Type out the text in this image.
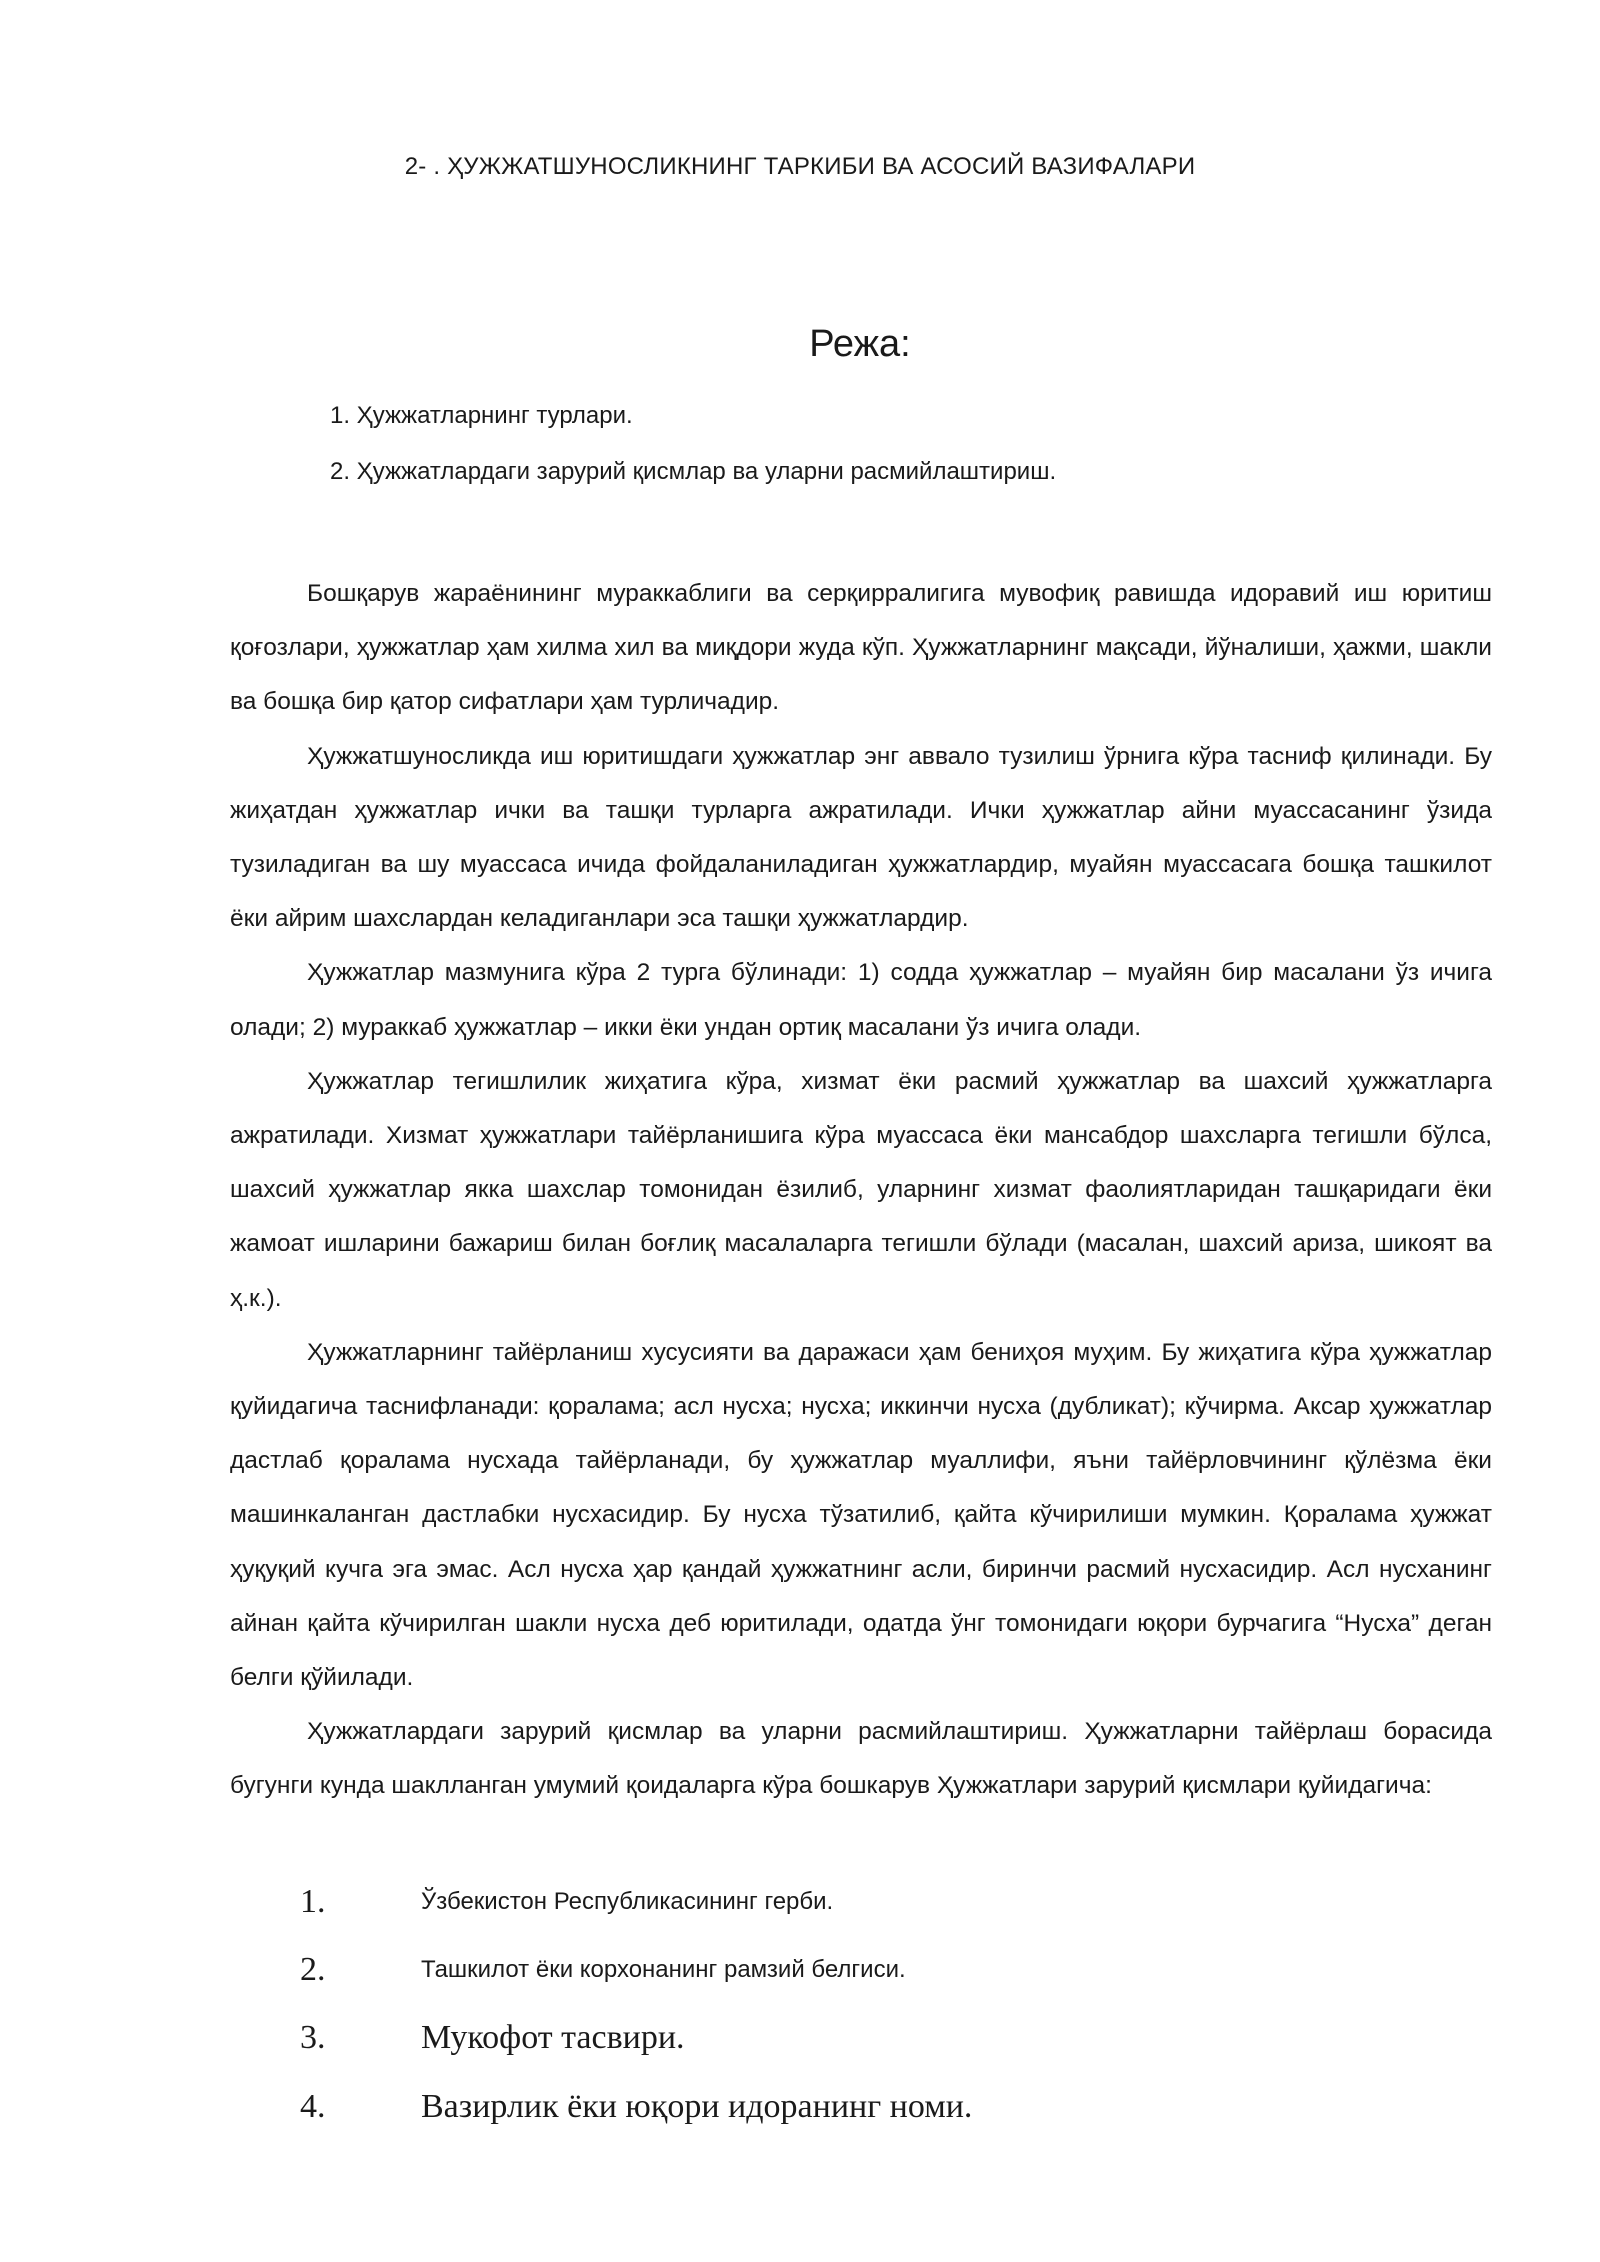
2- . ҲУЖЖАТШУНОСЛИКНИНГ ТАРКИБИ ВА АСОСИЙ ВАЗИФАЛАРИ
Режа:
1. Ҳужжатларнинг турлари.
2. Ҳужжатлардаги зарурий қисмлар ва уларни расмийлаштириш.

Бошқарув жараёнининг мураккаблиги ва серқирралигига мувофиқ равишда идоравий иш юритиш қоғозлари, ҳужжатлар ҳам хилма хил ва миқдори жуда кўп. Ҳужжатларнинг мақсади, йўналиши, ҳажми, шакли ва бошқа бир қатор сифатлари ҳам турличадир.

Ҳужжатшуносликда иш юритишдаги ҳужжатлар энг аввало тузилиш ўрнига кўра тасниф қилинади. Бу жиҳатдан ҳужжатлар ички ва ташқи турларга ажратилади. Ички ҳужжатлар айни муассасанинг ўзида тузиладиган ва шу муассаса ичида фойдаланиладиган ҳужжатлардир, муайян муассасага бошқа ташкилот ёки айрим шахслардан келадиганлари эса ташқи ҳужжатлардир.

Ҳужжатлар мазмунига кўра 2 турга бўлинади: 1) содда ҳужжатлар – муайян бир масалани ўз ичига олади; 2) мураккаб ҳужжатлар – икки ёки ундан ортиқ масалани ўз ичига олади.

Ҳужжатлар тегишлилик жиҳатига кўра, хизмат ёки расмий ҳужжатлар ва шахсий ҳужжатларга ажратилади. Хизмат ҳужжатлари тайёрланишига кўра муассаса ёки мансабдор шахсларга тегишли бўлса, шахсий ҳужжатлар якка шахслар томонидан ёзилиб, уларнинг хизмат фаолиятларидан ташқаридаги ёки жамоат ишларини бажариш билан боғлиқ масалаларга тегишли бўлади (масалан, шахсий ариза, шикоят ва ҳ.к.).

Ҳужжатларнинг тайёрланиш хусусияти ва даражаси ҳам бениҳоя муҳим. Бу жиҳатига кўра ҳужжатлар қуйидагича таснифланади: қоралама; асл нусха; нусха; иккинчи нусха (дубликат); кўчирма. Аксар ҳужжатлар дастлаб қоралама нусхада тайёрланади, бу ҳужжатлар муаллифи, яъни тайёрловчининг қўлёзма ёки машинкаланган дастлабки нусхасидир. Бу нусха тўзатилиб, қайта кўчирилиши мумкин. Қоралама ҳужжат ҳуқуқий кучга эга эмас. Асл нусха ҳар қандай ҳужжатнинг асли, биринчи расмий нусхасидир. Асл нусханинг айнан қайта кўчирилган шакли нусха деб юритилади, одатда ўнг томонидаги юқори бурчагига “Нусха” деган белги қўйилади.

Ҳужжатлардаги зарурий қисмлар ва уларни расмийлаштириш. Ҳужжатларни тайёрлаш борасида бугунги кунда шаклланган умумий қоидаларга кўра бошкарув Ҳужжатлари зарурий қисмлари қуйидагича:

1.	Ўзбекистон Республикасининг герби.
2.	Ташкилот ёки корхонанинг рамзий белгиси.
3.	Мукофот тасвири.
4.	Вазирлик ёки юқори идоранинг номи.
